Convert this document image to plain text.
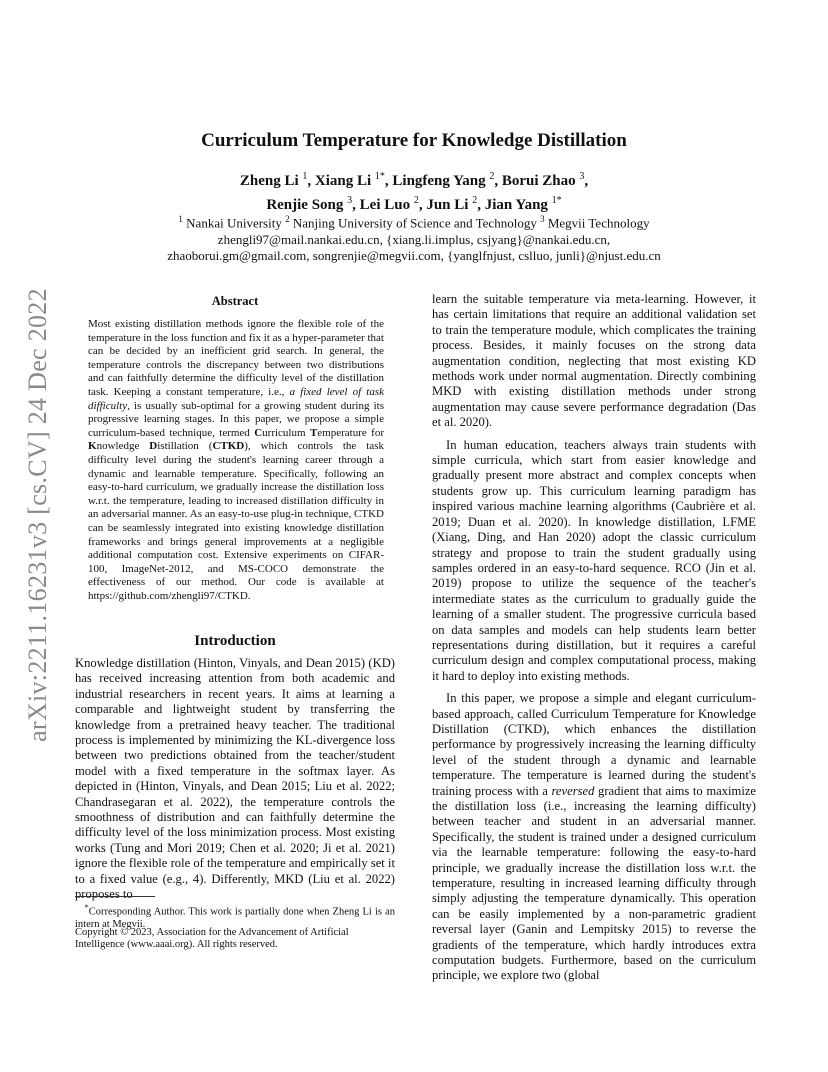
arXiv:2211.16231v3 [cs.CV] 24 Dec 2022
Curriculum Temperature for Knowledge Distillation
Zheng Li $^1$, Xiang Li $^{1*}$, Lingfeng Yang $^2$, Borui Zhao $^3$,
Renjie Song $^3$, Lei Luo $^2$, Jun Li $^2$, Jian Yang $^{1*}$
$^1$ Nankai University $^2$ Nanjing University of Science and Technology $^3$ Megvii Technology
zhengli97@mail.nankai.edu.cn, {xiang.li.implus, csjyang}@nankai.edu.cn,
zhaoborui.gm@gmail.com, songrenjie@megvii.com, {yanglfnjust, cslluo, junli}@njust.edu.cn
Abstract
Most existing distillation methods ignore the flexible role of the temperature in the loss function and fix it as a hyper-parameter that can be decided by an inefficient grid search. In general, the temperature controls the discrepancy between two distributions and can faithfully determine the difficulty level of the distillation task. Keeping a constant temperature, i.e., a fixed level of task difficulty, is usually sub-optimal for a growing student during its progressive learning stages. In this paper, we propose a simple curriculum-based technique, termed Curriculum Temperature for Knowledge Distillation (CTKD), which controls the task difficulty level during the student's learning career through a dynamic and learnable temperature. Specifically, following an easy-to-hard curriculum, we gradually increase the distillation loss w.r.t. the temperature, leading to increased distillation difficulty in an adversarial manner. As an easy-to-use plug-in technique, CTKD can be seamlessly integrated into existing knowledge distillation frameworks and brings general improvements at a negligible additional computation cost. Extensive experiments on CIFAR-100, ImageNet-2012, and MS-COCO demonstrate the effectiveness of our method. Our code is available at https://github.com/zhengli97/CTKD.
Introduction

Knowledge distillation (Hinton, Vinyals, and Dean 2015) (KD) has received increasing attention from both academic and industrial researchers in recent years. It aims at learning a comparable and lightweight student by transferring the knowledge from a pretrained heavy teacher. The traditional process is implemented by minimizing the KL-divergence loss between two predictions obtained from the teacher/student model with a fixed temperature in the softmax layer. As depicted in (Hinton, Vinyals, and Dean 2015; Liu et al. 2022; Chandrasegaran et al. 2022), the temperature controls the smoothness of distribution and can faithfully determine the difficulty level of the loss minimization process. Most existing works (Tung and Mori 2019; Chen et al. 2020; Ji et al. 2021) ignore the flexible role of the temperature and empirically set it to a fixed value (e.g., 4). Differently, MKD (Liu et al. 2022) proposes to

*Corresponding Author. This work is partially done when Zheng Li is an intern at Megvii.
Copyright © 2023, Association for the Advancement of Artificial Intelligence (www.aaai.org). All rights reserved.

learn the suitable temperature via meta-learning. However, it has certain limitations that require an additional validation set to train the temperature module, which complicates the training process. Besides, it mainly focuses on the strong data augmentation condition, neglecting that most existing KD methods work under normal augmentation. Directly combining MKD with existing distillation methods under strong augmentation may cause severe performance degradation (Das et al. 2020).

In human education, teachers always train students with simple curricula, which start from easier knowledge and gradually present more abstract and complex concepts when students grow up. This curriculum learning paradigm has inspired various machine learning algorithms (Caubrière et al. 2019; Duan et al. 2020). In knowledge distillation, LFME (Xiang, Ding, and Han 2020) adopt the classic curriculum strategy and propose to train the student gradually using samples ordered in an easy-to-hard sequence. RCO (Jin et al. 2019) propose to utilize the sequence of the teacher's intermediate states as the curriculum to gradually guide the learning of a smaller student. The progressive curricula based on data samples and models can help students learn better representations during distillation, but it requires a careful curriculum design and complex computational process, making it hard to deploy into existing methods.

In this paper, we propose a simple and elegant curriculum-based approach, called Curriculum Temperature for Knowledge Distillation (CTKD), which enhances the distillation performance by progressively increasing the learning difficulty level of the student through a dynamic and learnable temperature. The temperature is learned during the student's training process with a reversed gradient that aims to maximize the distillation loss (i.e., increasing the learning difficulty) between teacher and student in an adversarial manner. Specifically, the student is trained under a designed curriculum via the learnable temperature: following the easy-to-hard principle, we gradually increase the distillation loss w.r.t. the temperature, resulting in increased learning difficulty through simply adjusting the temperature dynamically. This operation can be easily implemented by a non-parametric gradient reversal layer (Ganin and Lempitsky 2015) to reverse the gradients of the temperature, which hardly introduces extra computation budgets. Furthermore, based on the curriculum principle, we explore two (global
